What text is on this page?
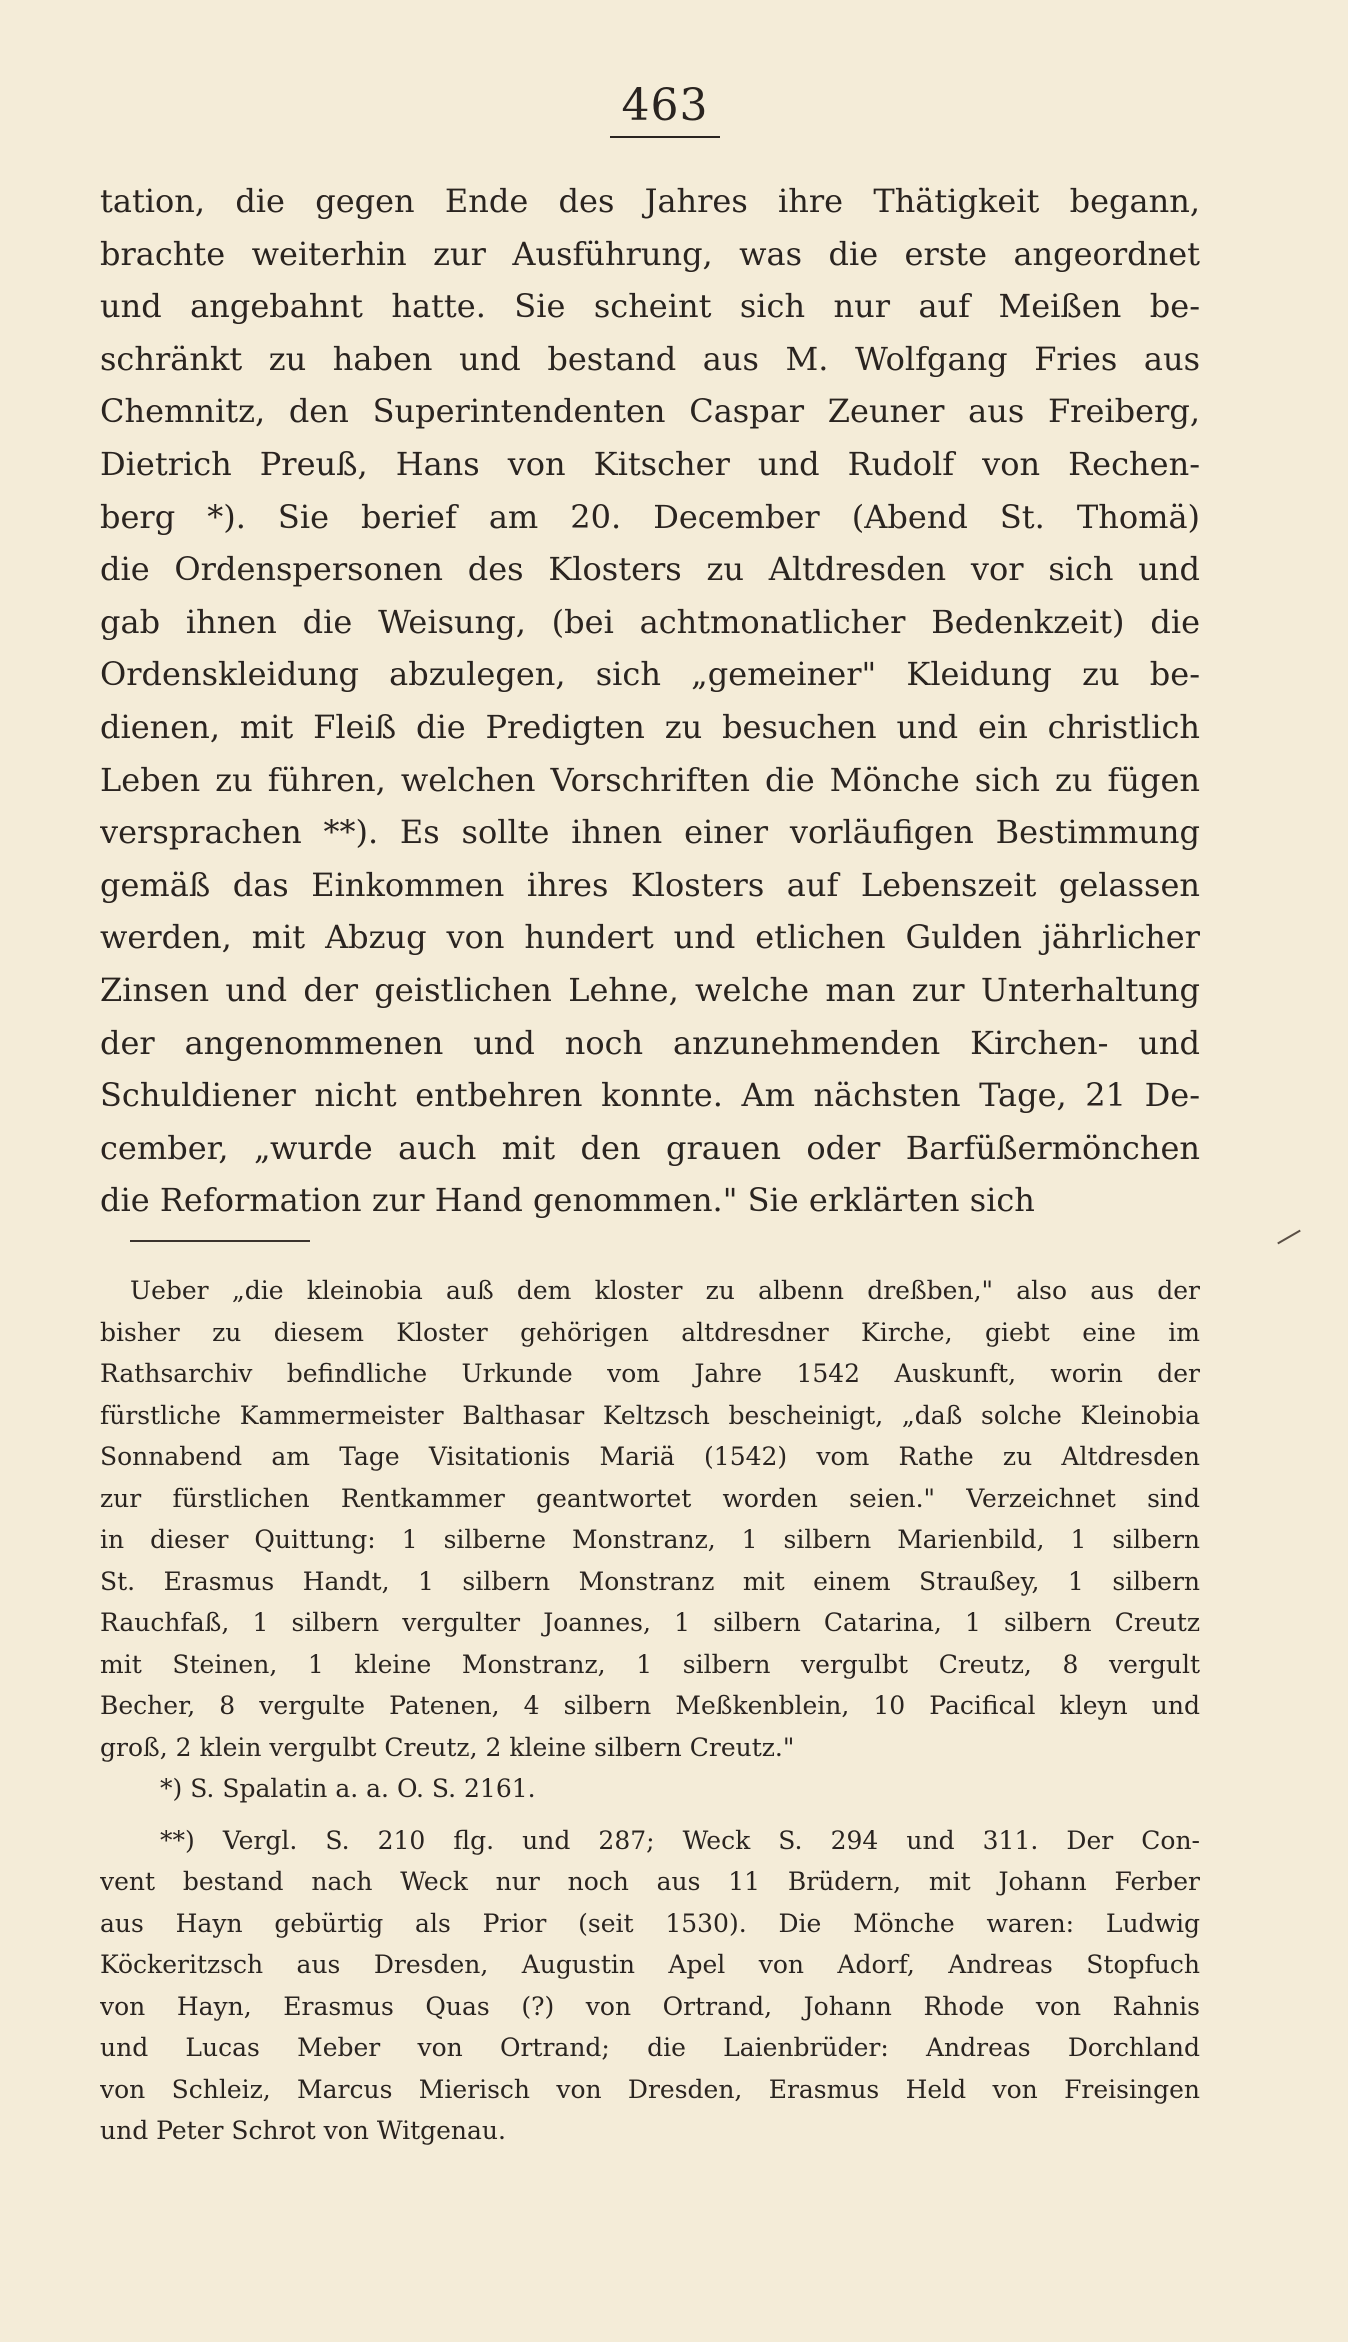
463
tation, die gegen Ende des Jahres ihre Thätigkeit begann,
brachte weiterhin zur Ausführung, was die erste angeordnet
und angebahnt hatte. Sie scheint sich nur auf Meißen be-
schränkt zu haben und bestand aus M. Wolfgang Fries aus
Chemnitz, den Superintendenten Caspar Zeuner aus Freiberg,
Dietrich Preuß, Hans von Kitscher und Rudolf von Rechen-
berg *). Sie berief am 20. December (Abend St. Thomä)
die Ordenspersonen des Klosters zu Altdresden vor sich und
gab ihnen die Weisung, (bei achtmonatlicher Bedenkzeit) die
Ordenskleidung abzulegen, sich „gemeiner" Kleidung zu be-
dienen, mit Fleiß die Predigten zu besuchen und ein christlich
Leben zu führen, welchen Vorschriften die Mönche sich zu fügen
versprachen **). Es sollte ihnen einer vorläufigen Bestimmung
gemäß das Einkommen ihres Klosters auf Lebenszeit gelassen
werden, mit Abzug von hundert und etlichen Gulden jährlicher
Zinsen und der geistlichen Lehne, welche man zur Unterhaltung
der angenommenen und noch anzunehmenden Kirchen- und
Schuldiener nicht entbehren konnte. Am nächsten Tage, 21 De-
cember, „wurde auch mit den grauen oder Barfüßermönchen
die Reformation zur Hand genommen." Sie erklärten sich
Ueber „die kleinobia auß dem kloster zu albenn dreßben," also aus der
bisher zu diesem Kloster gehörigen altdresdner Kirche, giebt eine im
Rathsarchiv befindliche Urkunde vom Jahre 1542 Auskunft, worin der
fürstliche Kammermeister Balthasar Keltzsch bescheinigt, „daß solche Kleinobia
Sonnabend am Tage Visitationis Mariä (1542) vom Rathe zu Altdresden
zur fürstlichen Rentkammer geantwortet worden seien." Verzeichnet sind
in dieser Quittung: 1 silberne Monstranz, 1 silbern Marienbild, 1 silbern
St. Erasmus Handt, 1 silbern Monstranz mit einem Straußey, 1 silbern
Rauchfaß, 1 silbern vergulter Joannes, 1 silbern Catarina, 1 silbern Creutz
mit Steinen, 1 kleine Monstranz, 1 silbern vergulbt Creutz, 8 vergult
Becher, 8 vergulte Patenen, 4 silbern Meßkenblein, 10 Pacifical kleyn und
groß, 2 klein vergulbt Creutz, 2 kleine silbern Creutz."
*) S. Spalatin a. a. O. S. 2161.
**) Vergl. S. 210 flg. und 287; Weck S. 294 und 311. Der Con-
vent bestand nach Weck nur noch aus 11 Brüdern, mit Johann Ferber
aus Hayn gebürtig als Prior (seit 1530). Die Mönche waren: Ludwig
Köckeritzsch aus Dresden, Augustin Apel von Adorf, Andreas Stopfuch
von Hayn, Erasmus Quas (?) von Ortrand, Johann Rhode von Rahnis
und Lucas Meber von Ortrand; die Laienbrüder: Andreas Dorchland
von Schleiz, Marcus Mierisch von Dresden, Erasmus Held von Freisingen
und Peter Schrot von Witgenau.
